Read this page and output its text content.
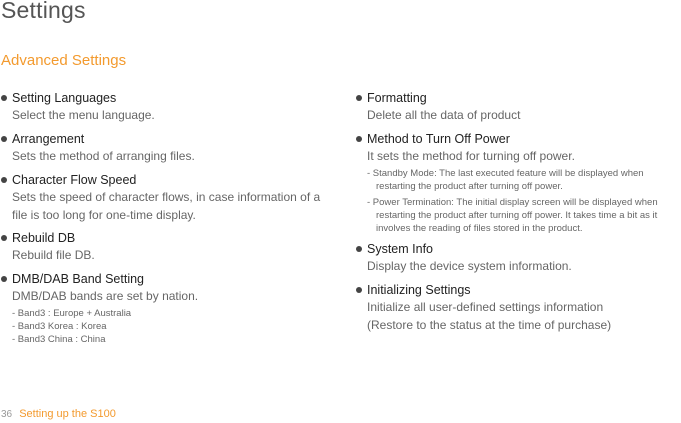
Settings
Advanced Settings
Setting Languages
Select the menu language.
Arrangement
Sets the method of arranging files.
Character Flow Speed
Sets the speed of character flows, in case information of a file is too long for one-time display.
Rebuild DB
Rebuild file DB.
DMB/DAB Band Setting
DMB/DAB bands are set by nation.
- Band3 : Europe + Australia
- Band3 Korea : Korea
- Band3 China : China
Formatting
Delete all the data of product
Method to Turn Off Power
It sets the method for turning off power.
- Standby Mode: The last executed feature will be displayed when restarting the product after turning off power.
- Power Termination: The initial display screen will be displayed when restarting the product after turning off power. It takes time a bit as it involves the reading of files stored in the product.
System Info
Display the device system information.
Initializing Settings
Initialize all user-defined settings information
(Restore to the status at the time of purchase)
36 Setting up the S100
